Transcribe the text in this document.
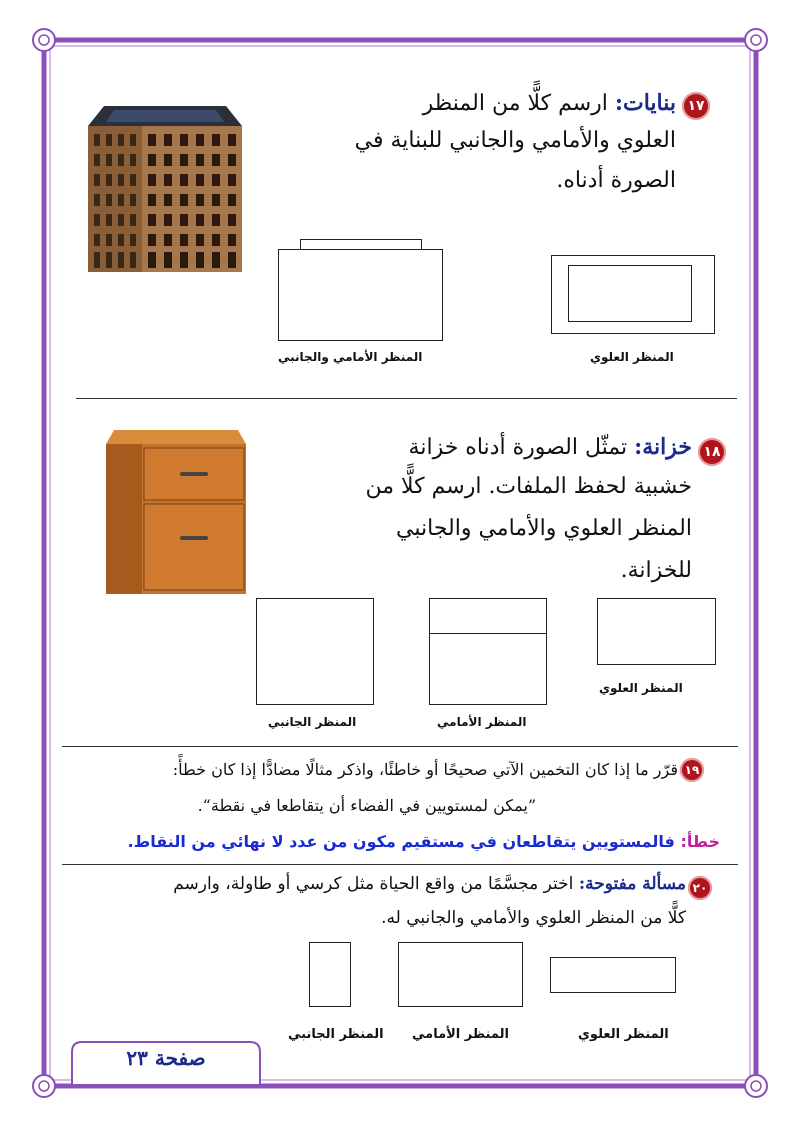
١٧
بنايات: ارسم كلًّا من المنظر
العلوي والأمامي والجانبي للبناية في
الصورة أدناه.
المنظر الأمامي والجانبي	المنظر العلوي
١٨
خزانة: تمثّل الصورة أدناه خزانة
خشبية لحفظ الملفات. ارسم كلًّا من
المنظر العلوي والأمامي والجانبي
للخزانة.
المنظر العلوي
المنظر الجانبي	المنظر الأمامي
١٩
قرّر ما إذا كان التخمين الآتي صحيحًا أو خاطئًا، واذكر مثالًا مضادًّا إذا كان خطأً:
”يمكن لمستويين في الفضاء أن يتقاطعا في نقطة“.
خطأ: فالمستويين يتقاطعان في مستقيم مكون من عدد لا نهائي من النقاط.
٢٠
مسألة مفتوحة: اختر مجسَّمًا من واقع الحياة مثل كرسي أو طاولة، وارسم
كلًّا من المنظر العلوي والأمامي والجانبي له.
المنظر الجانبي المنظر الأمامي	المنظر العلوي
صفحة ٢٣
